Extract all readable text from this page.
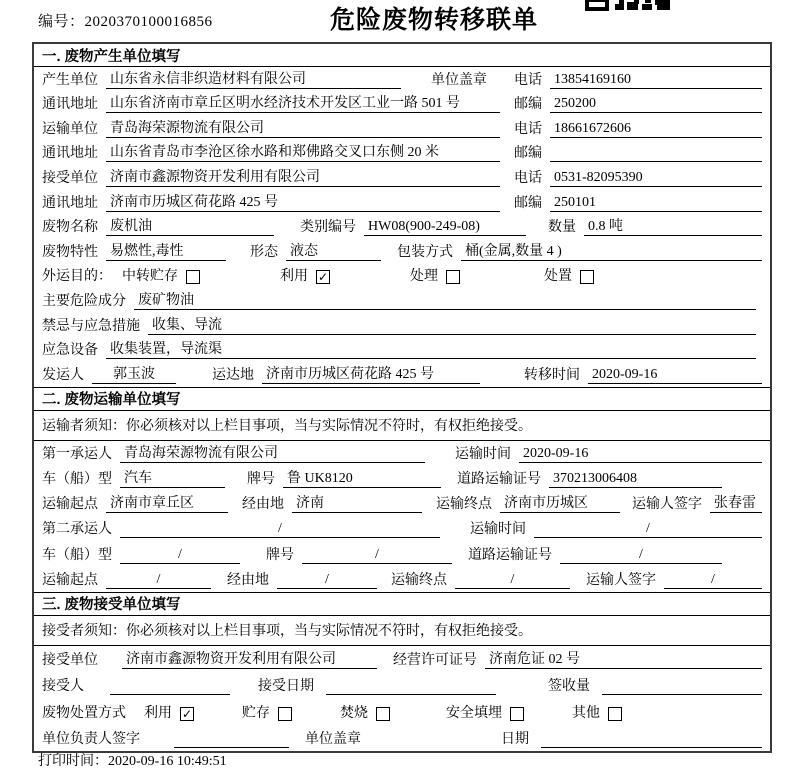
编号：2020370100016856	危险废物转移联单
一. 废物产生单位填写
产生单位 山东省永信非织造材料有限公司	单位盖章 电话 13854169160
通讯地址 山东省济南市章丘区明水经济技术开发区工业一路 501 号	邮编 250200
运输单位 青岛海荣源物流有限公司	电话 18661672606
通讯地址 山东省青岛市李沧区徐水路和郑佛路交叉口东侧 20 米	邮编
接受单位 济南市鑫源物资开发利用有限公司	电话 0531-82095390
通讯地址 济南市历城区荷花路 425 号	邮编 250101
废物名称 废机油	类别编号 HW08(900-249-08)	数量 0.8 吨
废物特性 易燃性,毒性	形态 液态	包装方式 桶(金属,数量 4 )
外运目的： 中转贮存	利用 ✓	处理	处置
主要危险成分 废矿物油
禁忌与应急措施 收集、导流
应急设备 收集装置，导流渠
发运人	郭玉波	运达地 济南市历城区荷花路 425 号	转移时间 2020-09-16
二. 废物运输单位填写
运输者须知：你必须核对以上栏目事项，当与实际情况不符时，有权拒绝接受。
第一承运人 青岛海荣源物流有限公司	运输时间 2020-09-16
车（船）型 汽车	牌号 鲁 UK8120	道路运输证号 370213006408
运输起点 济南市章丘区	经由地 济南	运输终点 济南市历城区	运输人签字 张春雷
第二承运人	/	运输时间	/
车（船）型	/	牌号	/	道路运输证号	/
运输起点	/	经由地	/	运输终点	/	运输人签字	/
三. 废物接受单位填写
接受者须知：你必须核对以上栏目事项，当与实际情况不符时，有权拒绝接受。
接受单位 济南市鑫源物资开发利用有限公司	经营许可证号 济南危证 02 号
接受人	接受日期	签收量
废物处置方式 利用 ✓	贮存	焚烧	安全填埋	其他
单位负责人签字	单位盖章	日期
打印时间：2020-09-16 10:49:51
